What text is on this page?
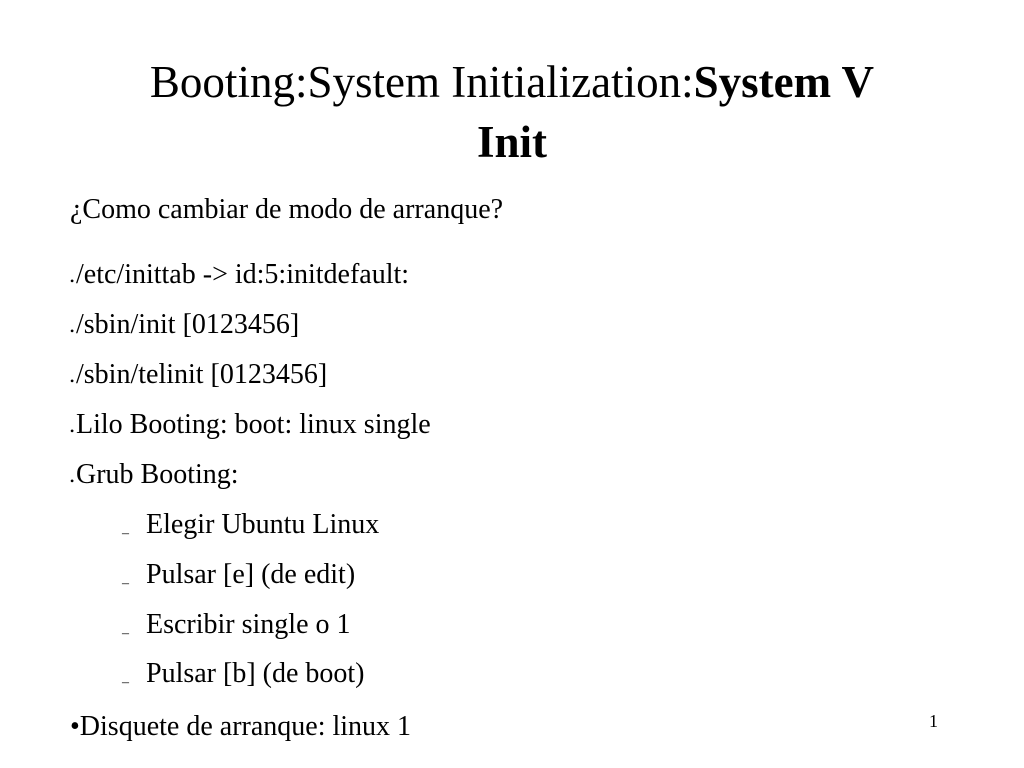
Booting:System Initialization:System V
Init
¿Como cambiar de modo de arranque?
• /etc/inittab -> id:5:initdefault:
• /sbin/init [0123456]
• /sbin/telinit [0123456]
• Lilo Booting: boot: linux single
• Grub Booting:
– Elegir Ubuntu Linux
– Pulsar [e] (de edit)
– Escribir single o 1
– Pulsar [b] (de boot)
•Disquete de arranque: linux 1	1
